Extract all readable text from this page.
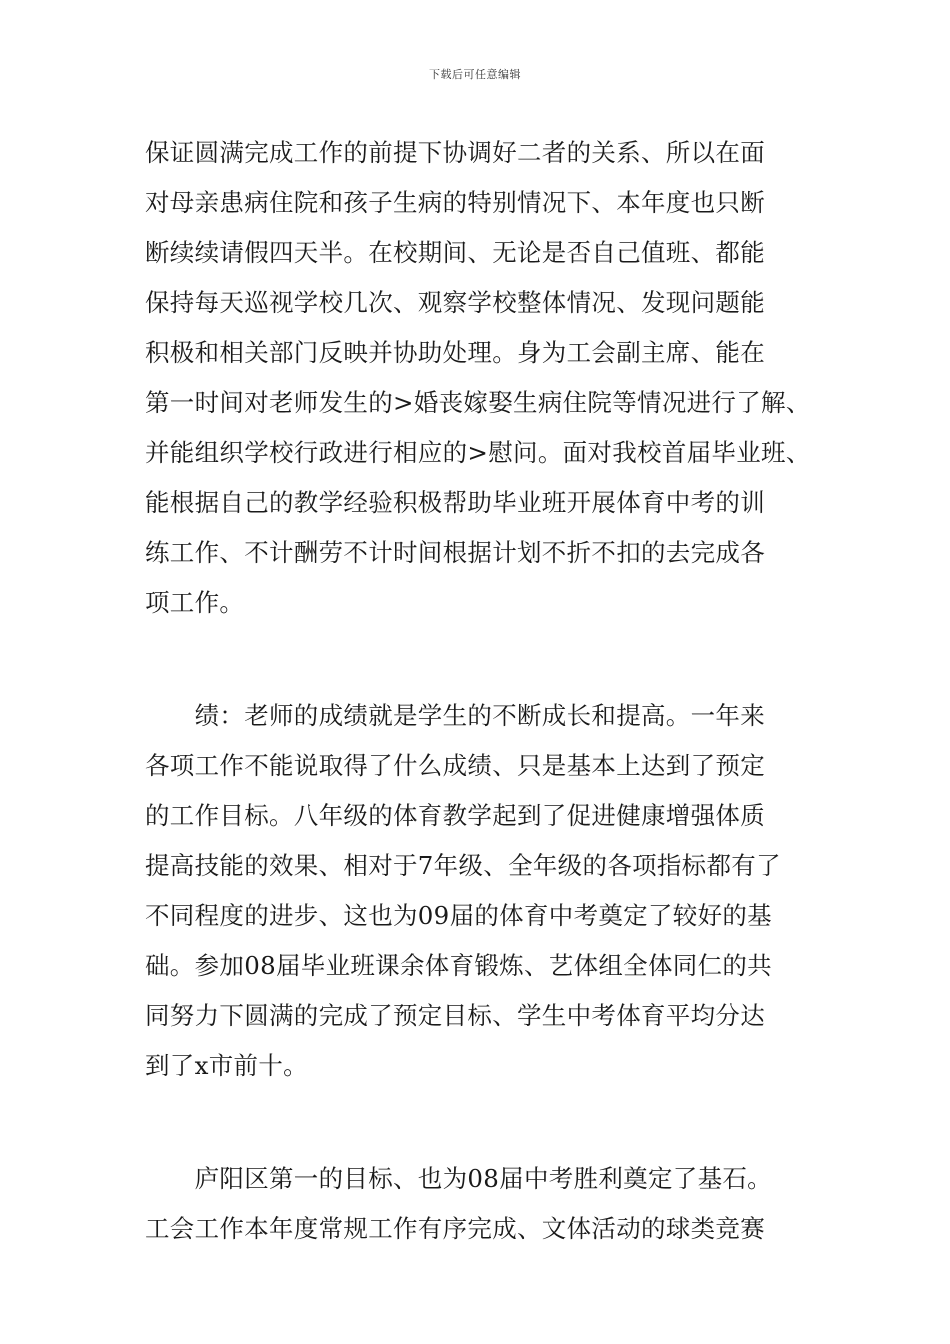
下载后可任意编辑
保证圆满完成工作的前提下协调好二者的关系、所以在面
对母亲患病住院和孩子生病的特别情况下、本年度也只断
断续续请假四天半。在校期间、无论是否自己值班、都能
保持每天巡视学校几次、观察学校整体情况、发现问题能
积极和相关部门反映并协助处理。身为工会副主席、能在
第一时间对老师发生的>婚丧嫁娶生病住院等情况进行了解、
并能组织学校行政进行相应的>慰问。面对我校首届毕业班、
能根据自己的教学经验积极帮助毕业班开展体育中考的训
练工作、不计酬劳不计时间根据计划不折不扣的去完成各
项工作。
　　绩：老师的成绩就是学生的不断成长和提高。一年来
各项工作不能说取得了什么成绩、只是基本上达到了预定
的工作目标。八年级的体育教学起到了促进健康增强体质
提高技能的效果、相对于7年级、全年级的各项指标都有了
不同程度的进步、这也为09届的体育中考奠定了较好的基
础。参加08届毕业班课余体育锻炼、艺体组全体同仁的共
同努力下圆满的完成了预定目标、学生中考体育平均分达
到了x市前十。
　　庐阳区第一的目标、也为08届中考胜利奠定了基石。
工会工作本年度常规工作有序完成、文体活动的球类竞赛
